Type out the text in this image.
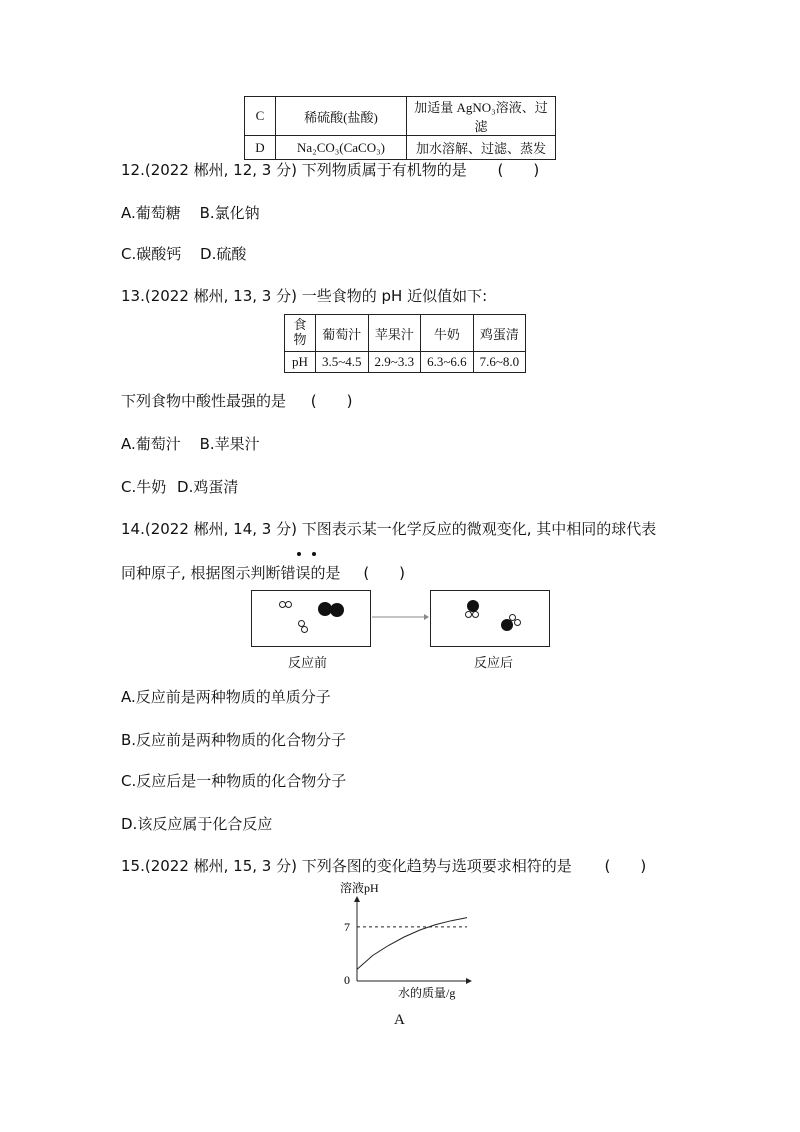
C	稀硫酸(盐酸)	加适量 AgNO₃溶液、过滤
D	Na₂CO₃(CaCO₃)	加水溶解、过滤、蒸发
12.(2022 郴州, 12, 3 分) 下列物质属于有机物的是 (　　)
A.葡萄糖 B.氯化钠
C.碳酸钙 D.硫酸
13.(2022 郴州, 13, 3 分) 一些食物的 pH 近似值如下:
食物	葡萄汁	苹果汁	牛奶	鸡蛋清
pH	3.5~4.5	2.9~3.3	6.3~6.6	7.6~8.0
下列食物中酸性最强的是 (　　)
A.葡萄汁 B.苹果汁
C.牛奶 D.鸡蛋清
14.(2022 郴州, 14, 3 分) 下图表示某一化学反应的微观变化, 其中相同的球代表
同种原子, 根据图示判断错误的是 (　　)
反应前	反应后
A.反应前是两种物质的单质分子
B.反应前是两种物质的化合物分子
C.反应后是一种物质的化合物分子
D.该反应属于化合反应
15.(2022 郴州, 15, 3 分) 下列各图的变化趋势与选项要求相符的是 (　　)
溶液pH
7
0
水的质量/g
A
